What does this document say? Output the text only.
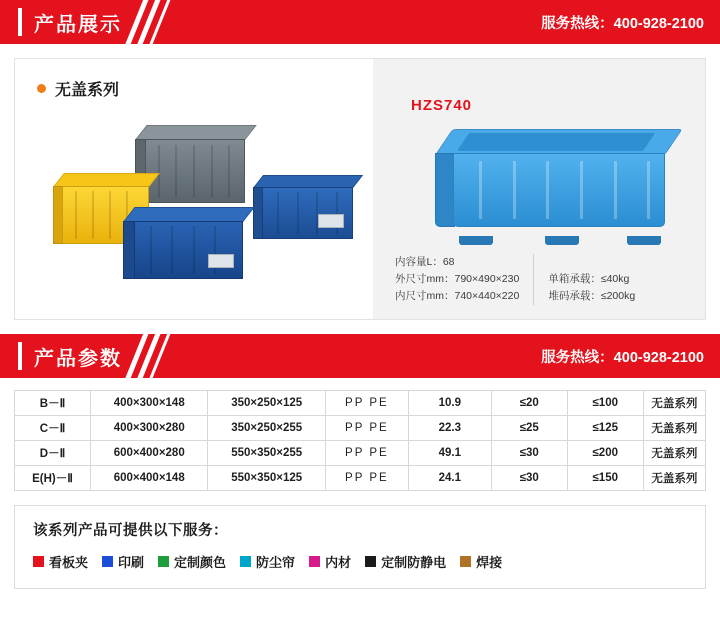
产品展示	服务热线：400-928-2100
无盖系列
HZS740
内容量L：68
外尺寸mm：790×490×230
内尺寸mm：740×440×220
单箱承载：≤40kg
堆码承载：≤200kg
产品参数	服务热线：400-928-2100
B－Ⅱ	400×300×148	350×250×125	PP PE	10.9	≤20	≤100	无盖系列
C－Ⅱ	400×300×280	350×250×255	PP PE	22.3	≤25	≤125	无盖系列
D－Ⅱ	600×400×280	550×350×255	PP PE	49.1	≤30	≤200	无盖系列
E(H)－Ⅱ	600×400×148	550×350×125	PP PE	24.1	≤30	≤150	无盖系列
该系列产品可提供以下服务：
看板夹 印刷 定制颜色 防尘帘 内材 定制防静电 焊接
